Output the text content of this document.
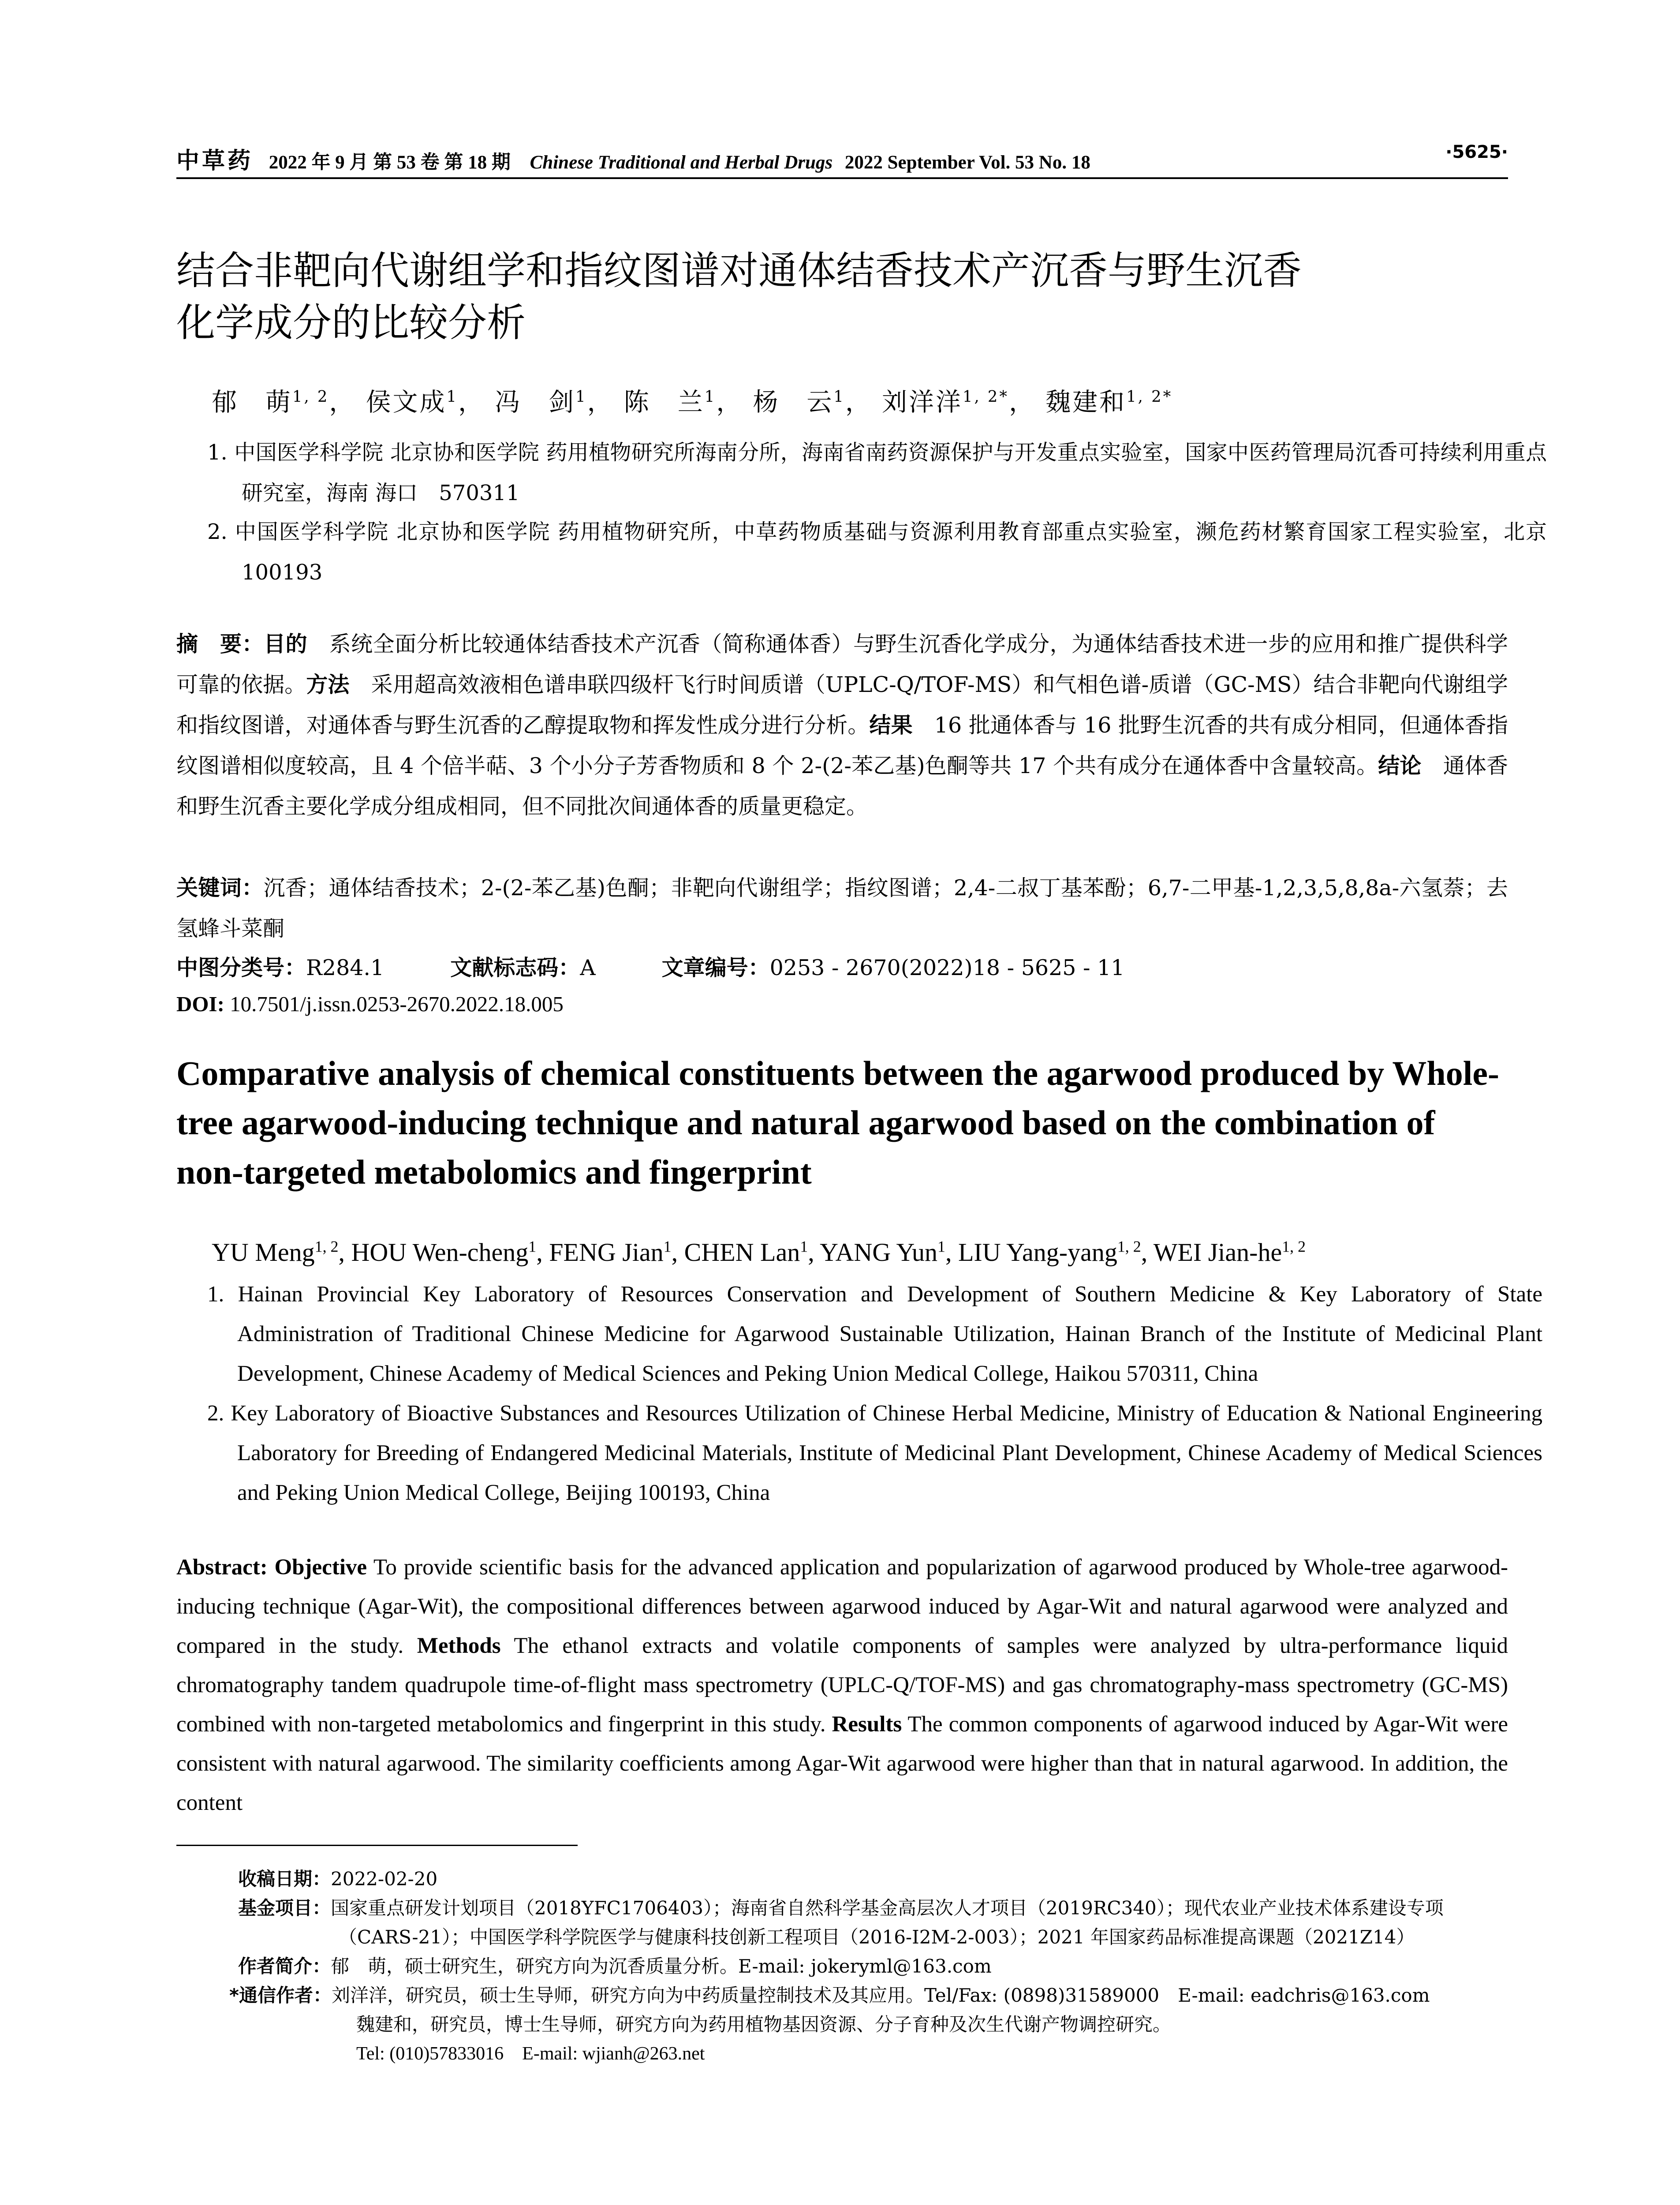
中草药 2022 年 9 月 第 53 卷 第 18 期 Chinese Traditional and Herbal Drugs 2022 September Vol. 53 No. 18	·5625·
结合非靶向代谢组学和指纹图谱对通体结香技术产沉香与野生沉香
化学成分的比较分析
郁　萌$^{1, 2}$， 侯文成$^1$， 冯　剑$^1$， 陈　兰$^1$， 杨　云$^1$， 刘洋洋$^{1, 2*}$， 魏建和$^{1, 2*}$
1. 中国医学科学院 北京协和医学院 药用植物研究所海南分所，海南省南药资源保护与开发重点实验室，国家中医药管理局沉香可持续利用重点研究室，海南 海口　570311
2. 中国医学科学院 北京协和医学院 药用植物研究所，中草药物质基础与资源利用教育部重点实验室，濒危药材繁育国家工程实验室，北京　100193
摘　要：目的　系统全面分析比较通体结香技术产沉香（简称通体香）与野生沉香化学成分，为通体结香技术进一步的应用和推广提供科学可靠的依据。方法　采用超高效液相色谱串联四级杆飞行时间质谱（UPLC-Q/TOF-MS）和气相色谱-质谱（GC-MS）结合非靶向代谢组学和指纹图谱，对通体香与野生沉香的乙醇提取物和挥发性成分进行分析。结果　16 批通体香与 16 批野生沉香的共有成分相同，但通体香指纹图谱相似度较高，且 4 个倍半萜、3 个小分子芳香物质和 8 个 2-(2-苯乙基)色酮等共 17 个共有成分在通体香中含量较高。结论　通体香和野生沉香主要化学成分组成相同，但不同批次间通体香的质量更稳定。
关键词：沉香；通体结香技术；2-(2-苯乙基)色酮；非靶向代谢组学；指纹图谱；2,4-二叔丁基苯酚；6,7-二甲基-1,2,3,5,8,8a-六氢萘；去氢蜂斗菜酮
中图分类号：R284.1	文献标志码：A	文章编号：0253 - 2670(2022)18 - 5625 - 11
DOI: 10.7501/j.issn.0253-2670.2022.18.005
Comparative analysis of chemical constituents between the agarwood produced by Whole-tree agarwood-inducing technique and natural agarwood based on the combination of non-targeted metabolomics and fingerprint
YU Meng$^{1, 2}$, HOU Wen-cheng$^1$, FENG Jian$^1$, CHEN Lan$^1$, YANG Yun$^1$, LIU Yang-yang$^{1, 2}$, WEI Jian-he$^{1, 2}$
1. Hainan Provincial Key Laboratory of Resources Conservation and Development of Southern Medicine & Key Laboratory of State Administration of Traditional Chinese Medicine for Agarwood Sustainable Utilization, Hainan Branch of the Institute of Medicinal Plant Development, Chinese Academy of Medical Sciences and Peking Union Medical College, Haikou 570311, China
2. Key Laboratory of Bioactive Substances and Resources Utilization of Chinese Herbal Medicine, Ministry of Education & National Engineering Laboratory for Breeding of Endangered Medicinal Materials, Institute of Medicinal Plant Development, Chinese Academy of Medical Sciences and Peking Union Medical College, Beijing 100193, China
Abstract: Objective To provide scientific basis for the advanced application and popularization of agarwood produced by Whole-tree agarwood-inducing technique (Agar-Wit), the compositional differences between agarwood induced by Agar-Wit and natural agarwood were analyzed and compared in the study. Methods The ethanol extracts and volatile components of samples were analyzed by ultra-performance liquid chromatography tandem quadrupole time-of-flight mass spectrometry (UPLC-Q/TOF-MS) and gas chromatography-mass spectrometry (GC-MS) combined with non-targeted metabolomics and fingerprint in this study. Results The common components of agarwood induced by Agar-Wit were consistent with natural agarwood. The similarity coefficients among Agar-Wit agarwood were higher than that in natural agarwood. In addition, the content
收稿日期：2022-02-20
基金项目：国家重点研发计划项目（2018YFC1706403）；海南省自然科学基金高层次人才项目（2019RC340）；现代农业产业技术体系建设专项（CARS-21）；中国医学科学院医学与健康科技创新工程项目（2016-I2M-2-003）；2021 年国家药品标准提高课题（2021Z14）
作者简介：郁　萌，硕士研究生，研究方向为沉香质量分析。E-mail: jokeryml@163.com
*通信作者：刘洋洋，研究员，硕士生导师，研究方向为中药质量控制技术及其应用。Tel/Fax: (0898)31589000　E-mail: eadchris@163.com
魏建和，研究员，博士生导师，研究方向为药用植物基因资源、分子育种及次生代谢产物调控研究。
Tel: (010)57833016　E-mail: wjianh@263.net
